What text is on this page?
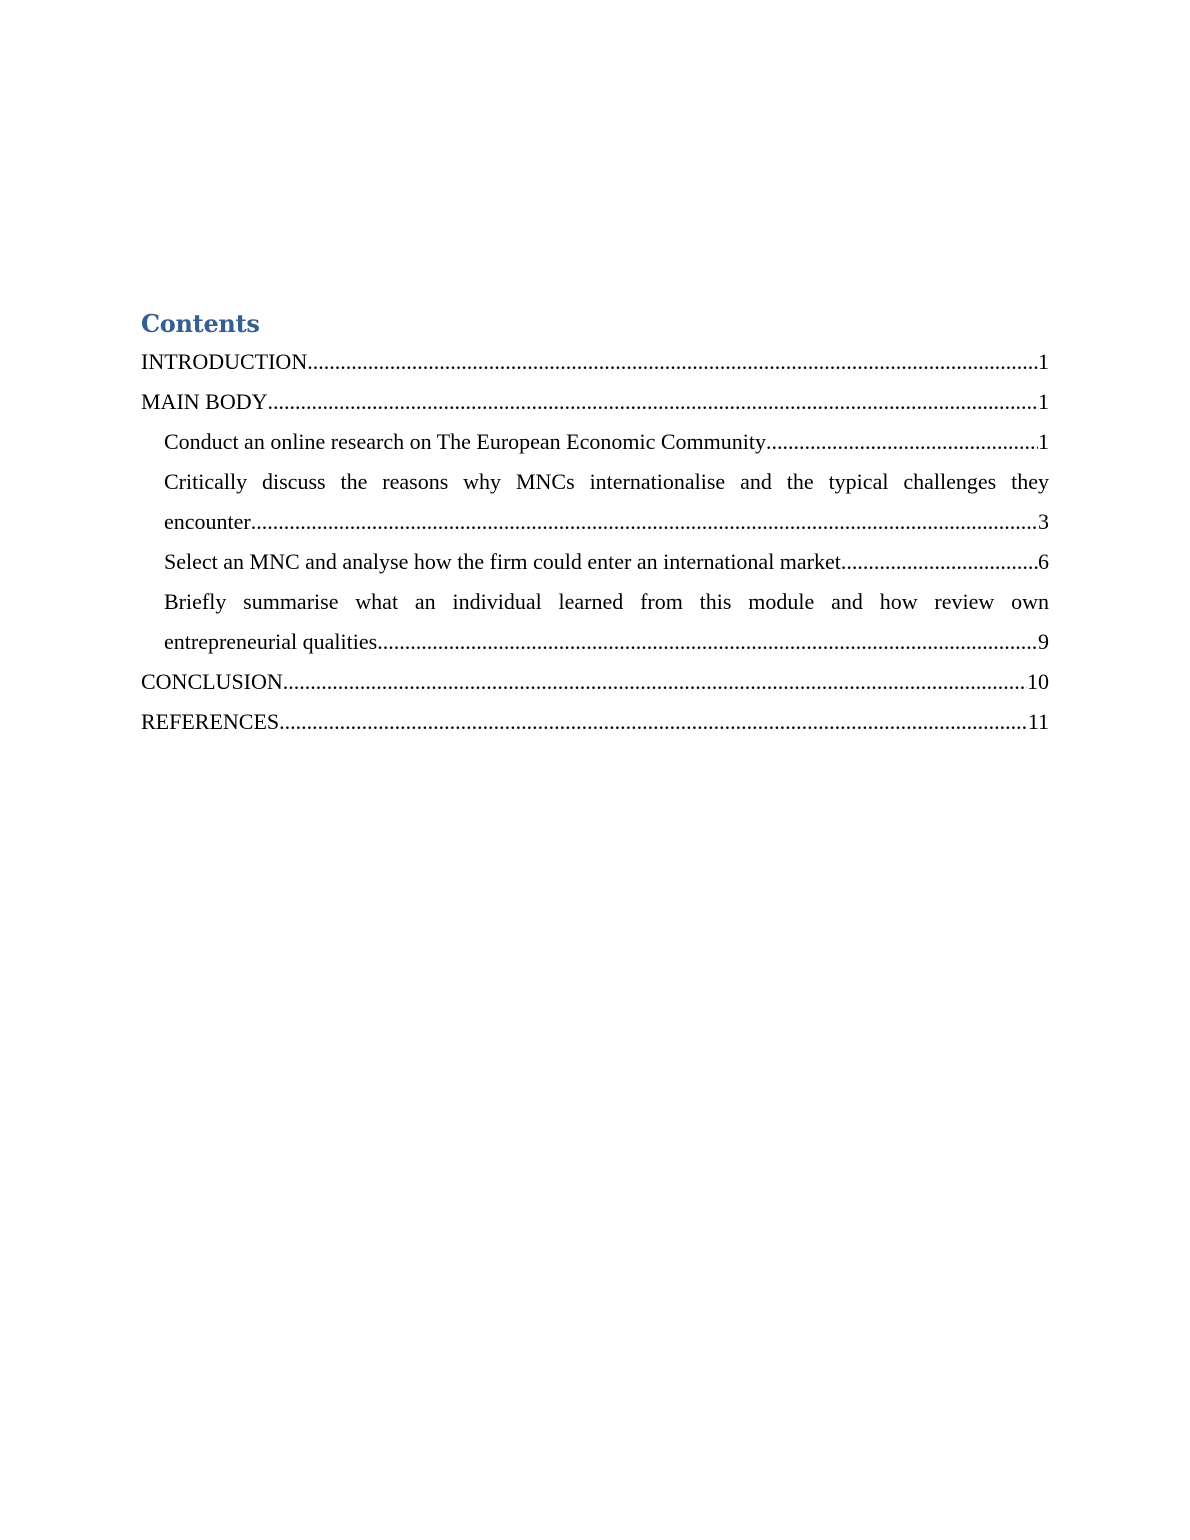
Contents
INTRODUCTION .....	1
MAIN BODY .....	1
Conduct an online research on The European Economic Community .....	1
Critically discuss the reasons why MNCs internationalise and the typical challenges they
encounter .....	3
Select an MNC and analyse how the firm could enter an international market .....	6
Briefly summarise what an individual learned from this module and how review own
entrepreneurial qualities .....	9
CONCLUSION .....	10
REFERENCES .....	11
